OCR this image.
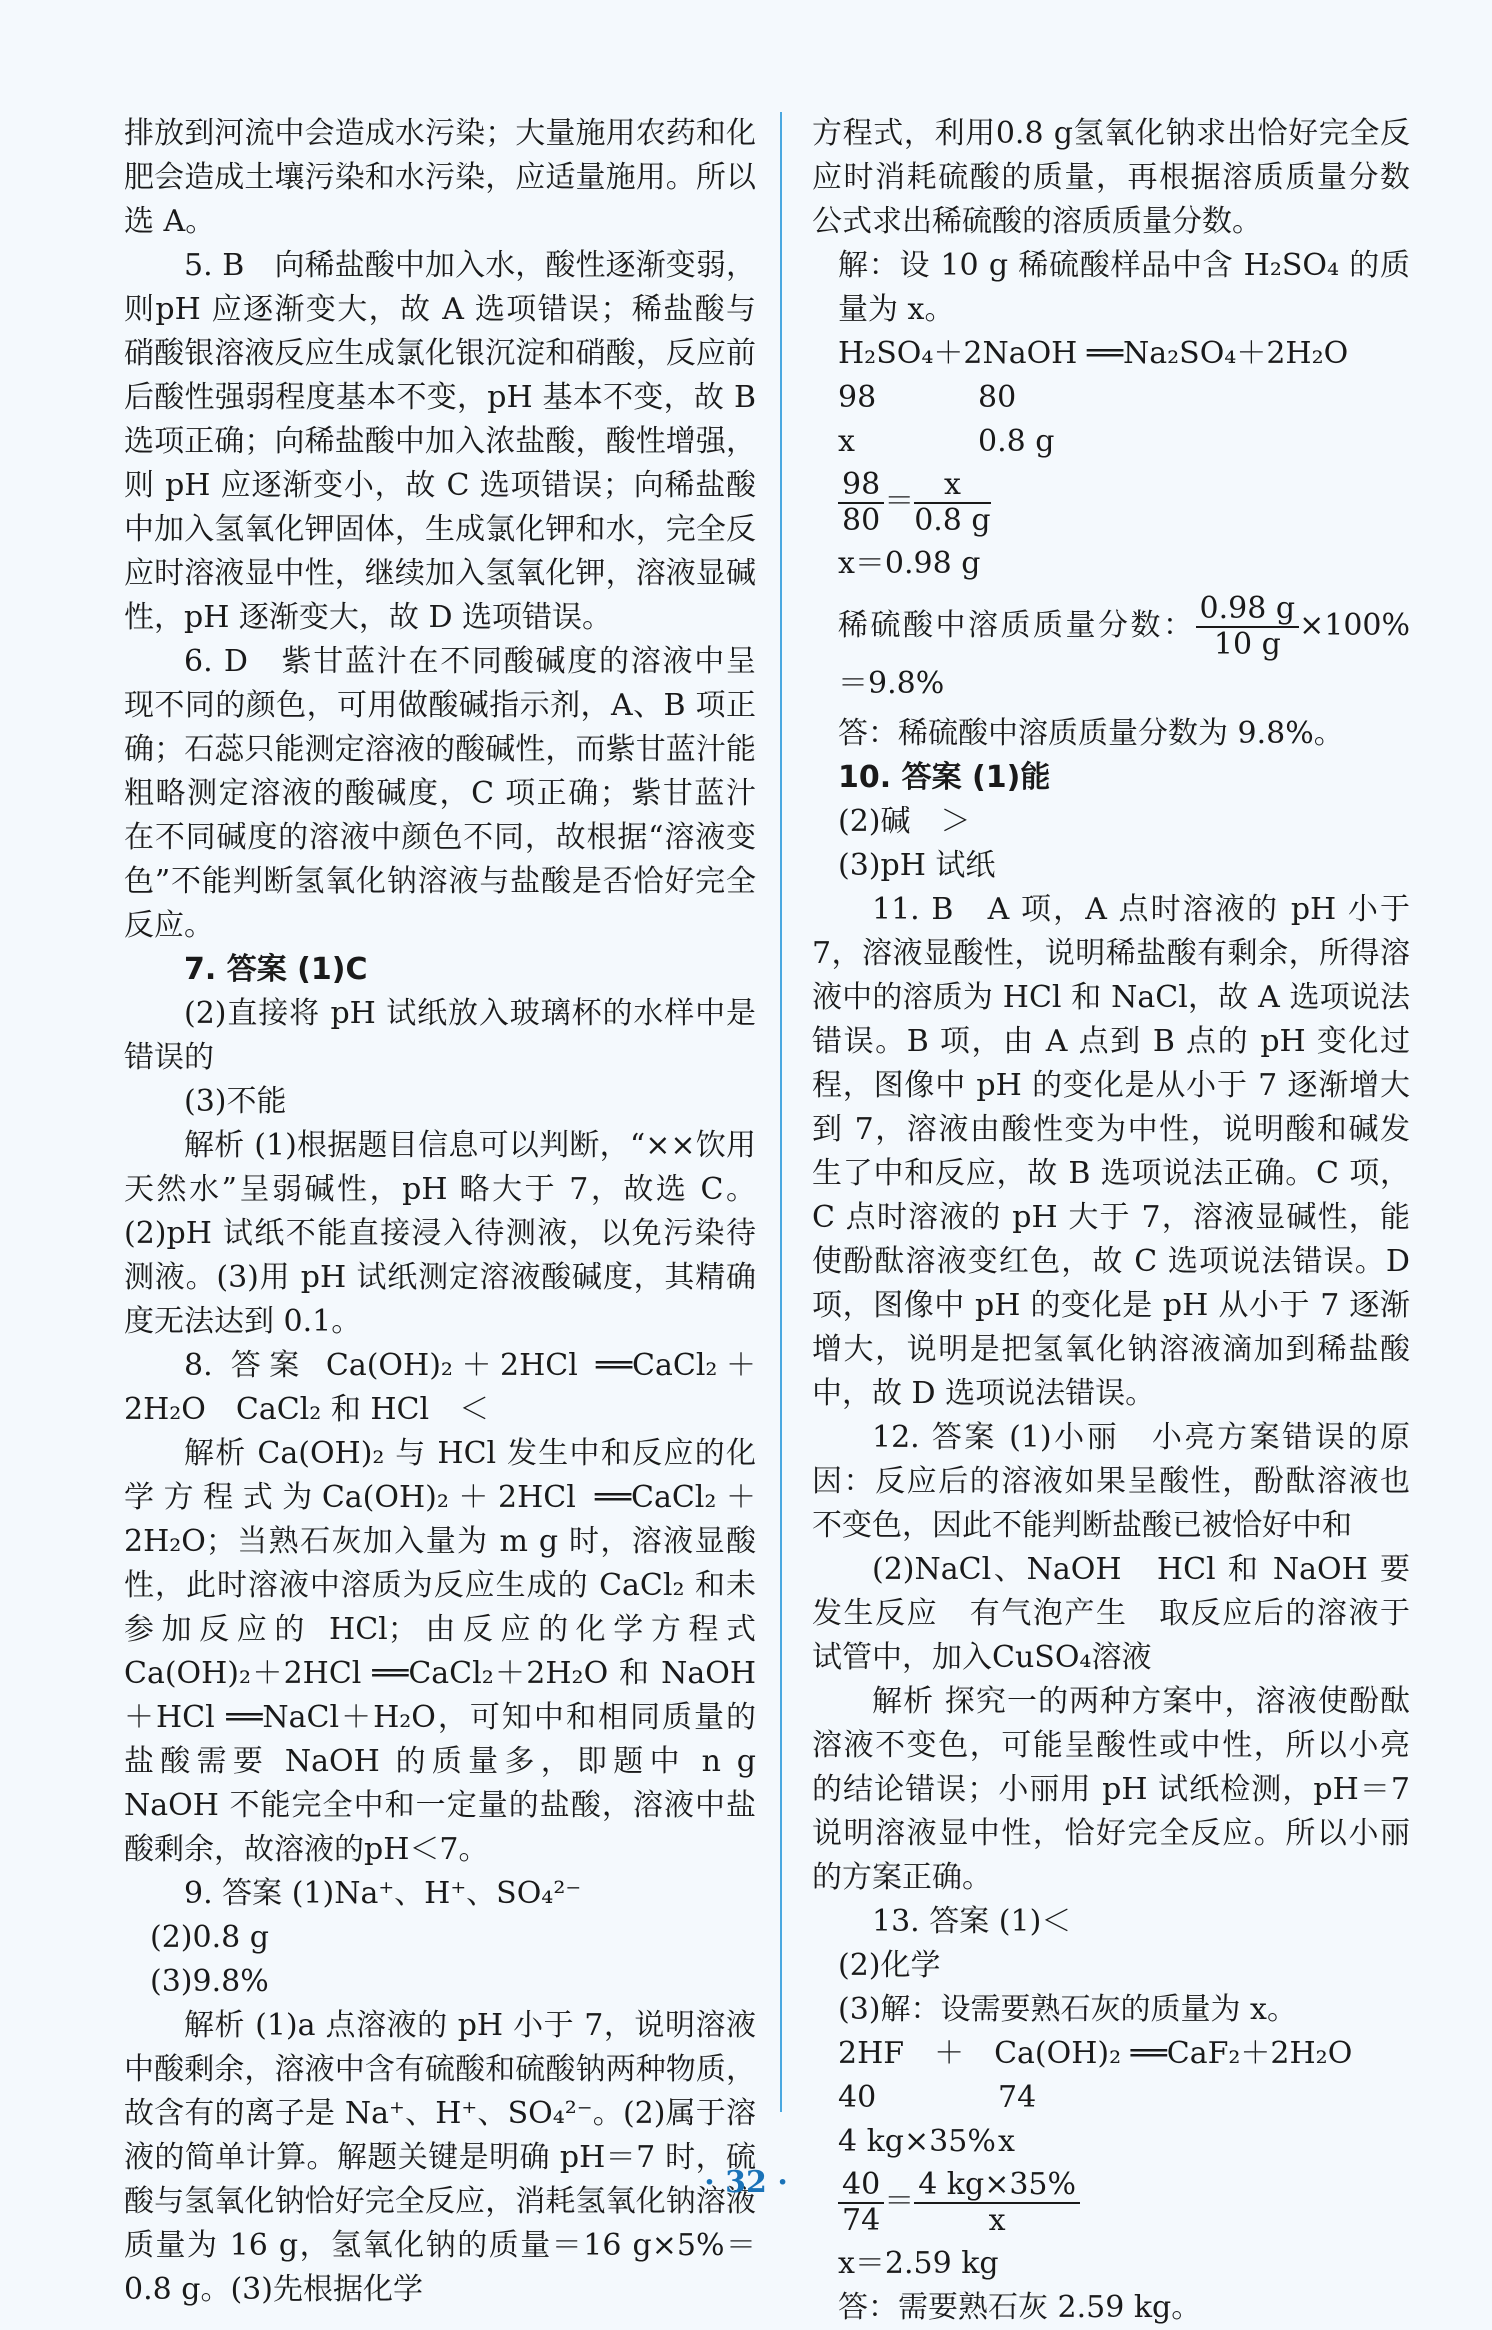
排放到河流中会造成水污染；大量施用农药和化肥会造成土壤污染和水污染，应适量施用。所以选 A。

5. B　向稀盐酸中加入水，酸性逐渐变弱，则pH 应逐渐变大，故 A 选项错误；稀盐酸与硝酸银溶液反应生成氯化银沉淀和硝酸，反应前后酸性强弱程度基本不变，pH 基本不变，故 B 选项正确；向稀盐酸中加入浓盐酸，酸性增强，则 pH 应逐渐变小，故 C 选项错误；向稀盐酸中加入氢氧化钾固体，生成氯化钾和水，完全反应时溶液显中性，继续加入氢氧化钾，溶液显碱性，pH 逐渐变大，故 D 选项错误。

6. D　紫甘蓝汁在不同酸碱度的溶液中呈现不同的颜色，可用做酸碱指示剂，A、B 项正确；石蕊只能测定溶液的酸碱性，而紫甘蓝汁能粗略测定溶液的酸碱度，C 项正确；紫甘蓝汁在不同碱度的溶液中颜色不同，故根据“溶液变色”不能判断氢氧化钠溶液与盐酸是否恰好完全反应。

7. 答案 (1)C

(2)直接将 pH 试纸放入玻璃杯的水样中是错误的

(3)不能

解析 (1)根据题目信息可以判断，“××饮用天然水”呈弱碱性，pH 略大于 7，故选 C。(2)pH 试纸不能直接浸入待测液，以免污染待测液。(3)用 pH 试纸测定溶液酸碱度，其精确度无法达到 0.1。

8. 答案 Ca(OH)₂＋2HCl ══CaCl₂＋2H₂O　CaCl₂ 和 HCl　＜

解析 Ca(OH)₂ 与 HCl 发生中和反应的化学方程式为Ca(OH)₂＋2HCl ══CaCl₂＋2H₂O；当熟石灰加入量为 m g 时，溶液显酸性，此时溶液中溶质为反应生成的 CaCl₂ 和未参加反应的 HCl；由反应的化学方程式Ca(OH)₂＋2HCl ══CaCl₂＋2H₂O 和 NaOH＋HCl ══NaCl＋H₂O，可知中和相同质量的盐酸需要 NaOH 的质量多，即题中 n g NaOH 不能完全中和一定量的盐酸，溶液中盐酸剩余，故溶液的pH＜7。

9. 答案 (1)Na⁺、H⁺、SO₄²⁻

(2)0.8 g

(3)9.8%

解析 (1)a 点溶液的 pH 小于 7，说明溶液中酸剩余，溶液中含有硫酸和硫酸钠两种物质，故含有的离子是 Na⁺、H⁺、SO₄²⁻。(2)属于溶液的简单计算。解题关键是明确 pH＝7 时，硫酸与氢氧化钠恰好完全反应，消耗氢氧化钠溶液质量为 16 g，氢氧化钠的质量＝16 g×5%＝0.8 g。(3)先根据化学

方程式，利用0.8 g氢氧化钠求出恰好完全反应时消耗硫酸的质量，再根据溶质质量分数公式求出稀硫酸的溶质质量分数。

解：设 10 g 稀硫酸样品中含 H₂SO₄ 的质量为 x。

H₂SO₄＋2NaOH ══Na₂SO₄＋2H₂O

98	80
x	0.8 g
$\frac{98}{80} = \frac{x}{0.8 g}$

x＝0.98 g

稀硫酸中溶质质量分数： $\frac{0.98 g}{10 g} \times 100\%=9.8\%$

答：稀硫酸中溶质质量分数为 9.8%。

10. 答案 (1)能

(2)碱　＞

(3)pH 试纸

11. B　A 项，A 点时溶液的 pH 小于 7，溶液显酸性，说明稀盐酸有剩余，所得溶液中的溶质为 HCl 和 NaCl，故 A 选项说法错误。B 项，由 A 点到 B 点的 pH 变化过程，图像中 pH 的变化是从小于 7 逐渐增大到 7，溶液由酸性变为中性，说明酸和碱发生了中和反应，故 B 选项说法正确。C 项，C 点时溶液的 pH 大于 7，溶液显碱性，能使酚酞溶液变红色，故 C 选项说法错误。D 项，图像中 pH 的变化是 pH 从小于 7 逐渐增大，说明是把氢氧化钠溶液滴加到稀盐酸中，故 D 选项说法错误。

12. 答案 (1)小丽　小亮方案错误的原因：反应后的溶液如果呈酸性，酚酞溶液也不变色，因此不能判断盐酸已被恰好中和

(2)NaCl、NaOH　HCl 和 NaOH 要发生反应　有气泡产生　取反应后的溶液于试管中，加入CuSO₄溶液

解析 探究一的两种方案中，溶液使酚酞溶液不变色，可能呈酸性或中性，所以小亮的结论错误；小丽用 pH 试纸检测，pH＝7 说明溶液显中性，恰好完全反应。所以小丽的方案正确。

13. 答案 (1)＜

(2)化学

(3)解：设需要熟石灰的质量为 x。

2HF　＋　Ca(OH)₂ ══CaF₂＋2H₂O

40	74
4 kg×35% x
$\frac{40}{74} = \frac{4 kg\times 35\%}{x}$

x＝2.59 kg

答：需要熟石灰 2.59 kg。

· 32 ·
